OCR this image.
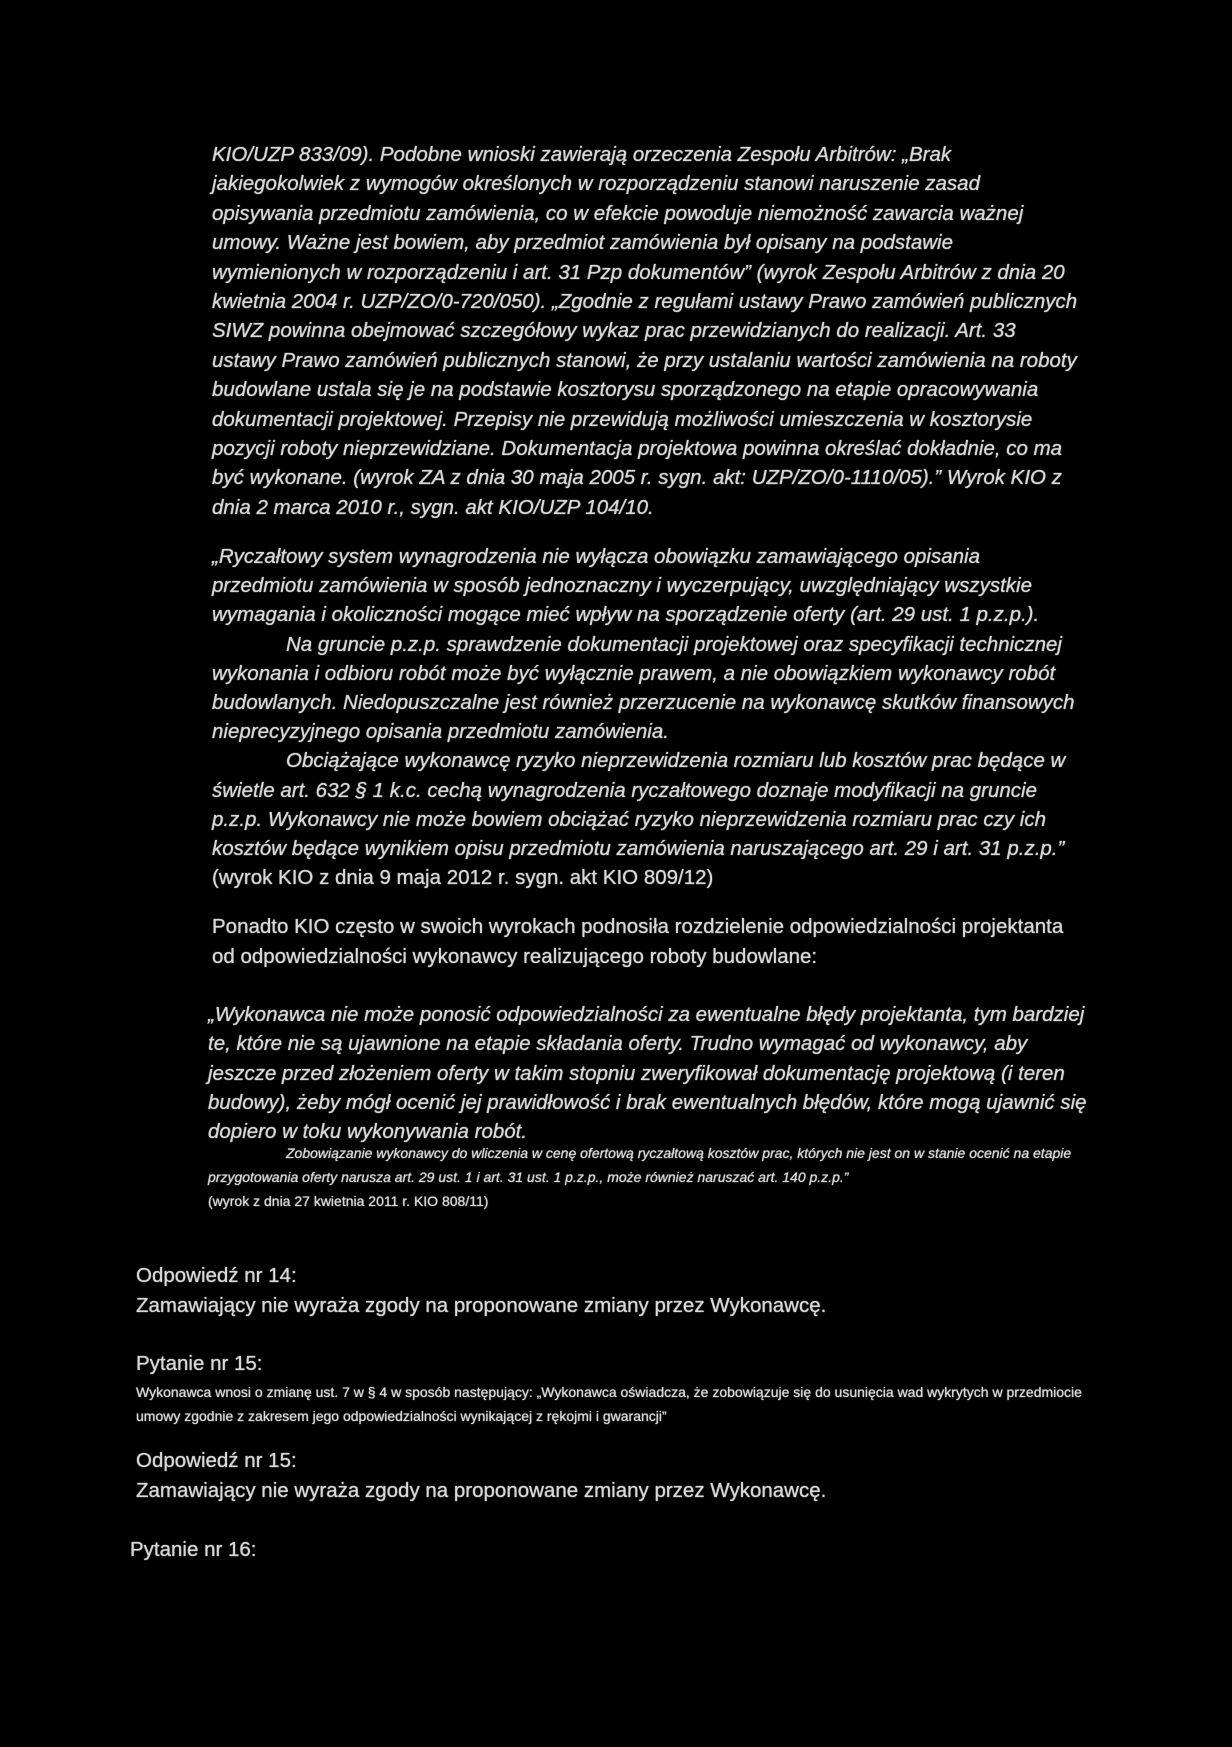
KIO/UZP 833/09). Podobne wnioski zawierają orzeczenia Zespołu Arbitrów: „Brak jakiegokolwiek z wymogów określonych w rozporządzeniu stanowi naruszenie zasad opisywania przedmiotu zamówienia, co w efekcie powoduje niemożność zawarcia ważnej umowy. Ważne jest bowiem, aby przedmiot zamówienia był opisany na podstawie wymienionych w rozporządzeniu i art. 31 Pzp dokumentów” (wyrok Zespołu Arbitrów z dnia 20 kwietnia 2004 r. UZP/ZO/0-720/050). „Zgodnie z regułami ustawy Prawo zamówień publicznych SIWZ powinna obejmować szczegółowy wykaz prac przewidzianych do realizacji. Art. 33 ustawy Prawo zamówień publicznych stanowi, że przy ustalaniu wartości zamówienia na roboty budowlane ustala się je na podstawie kosztorysu sporządzonego na etapie opracowywania dokumentacji projektowej. Przepisy nie przewidują możliwości umieszczenia w kosztorysie pozycji roboty nieprzewidziane. Dokumentacja projektowa powinna określać dokładnie, co ma być wykonane. (wyrok ZA z dnia 30 maja 2005 r. sygn. akt: UZP/ZO/0-1110/05).” Wyrok KIO z dnia 2 marca 2010 r., sygn. akt KIO/UZP 104/10.

„Ryczałtowy system wynagrodzenia nie wyłącza obowiązku zamawiającego opisania przedmiotu zamówienia w sposób jednoznaczny i wyczerpujący, uwzględniający wszystkie wymagania i okoliczności mogące mieć wpływ na sporządzenie oferty (art. 29 ust. 1 p.z.p.).
Na gruncie p.z.p. sprawdzenie dokumentacji projektowej oraz specyfikacji technicznej wykonania i odbioru robót może być wyłącznie prawem, a nie obowiązkiem wykonawcy robót budowlanych. Niedopuszczalne jest również przerzucenie na wykonawcę skutków finansowych nieprecyzyjnego opisania przedmiotu zamówienia.
Obciążające wykonawcę ryzyko nieprzewidzenia rozmiaru lub kosztów prac będące w świetle art. 632 § 1 k.c. cechą wynagrodzenia ryczałtowego doznaje modyfikacji na gruncie p.z.p. Wykonawcy nie może bowiem obciążać ryzyko nieprzewidzenia rozmiaru prac czy ich kosztów będące wynikiem opisu przedmiotu zamówienia naruszającego art. 29 i art. 31 p.z.p.”
(wyrok KIO z dnia 9 maja 2012 r. sygn. akt KIO 809/12)

Ponadto KIO często w swoich wyrokach podnosiła rozdzielenie odpowiedzialności projektanta od odpowiedzialności wykonawcy realizującego roboty budowlane:

„Wykonawca nie może ponosić odpowiedzialności za ewentualne błędy projektanta, tym bardziej te, które nie są ujawnione na etapie składania oferty. Trudno wymagać od wykonawcy, aby jeszcze przed złożeniem oferty w takim stopniu zweryfikował dokumentację projektową (i teren budowy), żeby mógł ocenić jej prawidłowość i brak ewentualnych błędów, które mogą ujawnić się dopiero w toku wykonywania robót.

Zobowiązanie wykonawcy do wliczenia w cenę ofertową ryczałtową kosztów prac, których nie jest on w stanie ocenić na etapie przygotowania oferty narusza art. 29 ust. 1 i art. 31 ust. 1 p.z.p., może również naruszać art. 140 p.z.p.”
(wyrok z dnia 27 kwietnia 2011 r. KIO 808/11)

Odpowiedź nr 14:
Zamawiający nie wyraża zgody na proponowane zmiany przez Wykonawcę.
Pytanie nr 15:
Wykonawca wnosi o zmianę ust. 7 w § 4 w sposób następujący: „Wykonawca oświadcza, że zobowiązuje się do usunięcia wad wykrytych w przedmiocie umowy zgodnie z zakresem jego odpowiedzialności wynikającej z rękojmi i gwarancji”
Odpowiedź nr 15:
Zamawiający nie wyraża zgody na proponowane zmiany przez Wykonawcę.
Pytanie nr 16:
